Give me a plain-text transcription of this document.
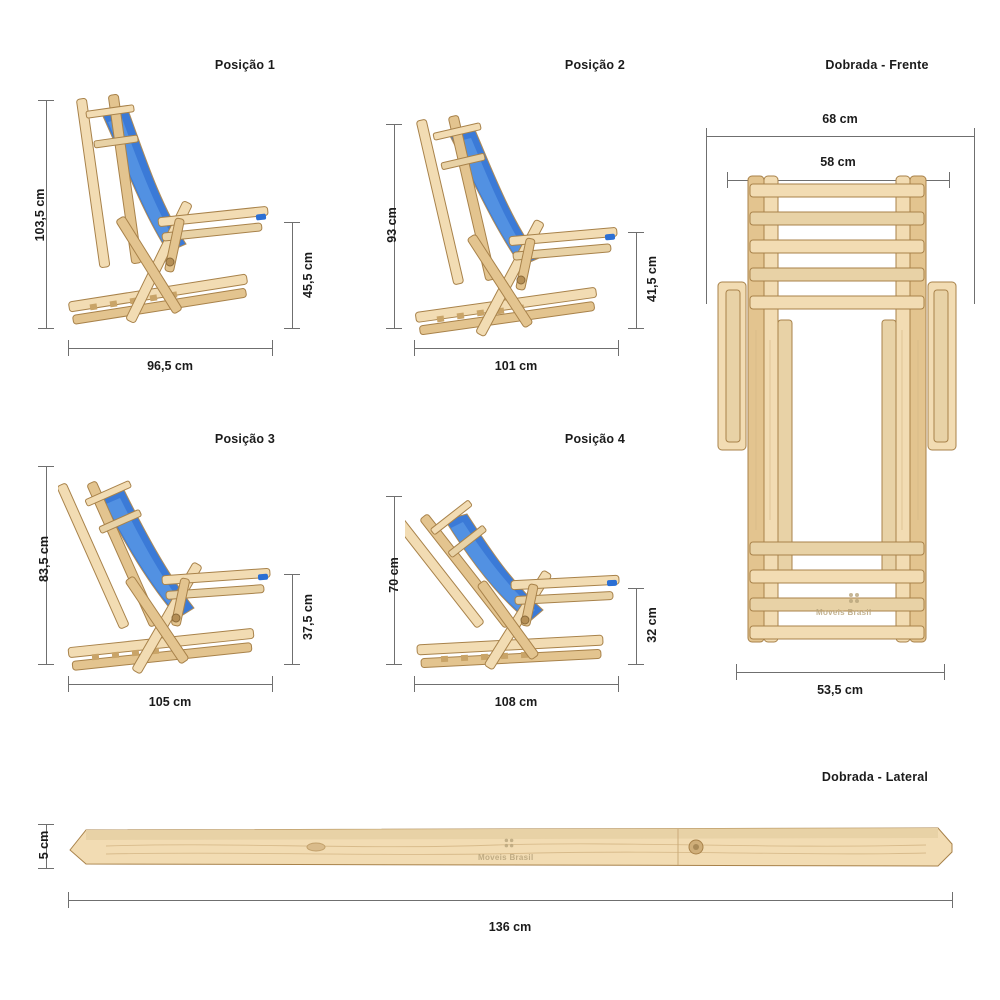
Posição 1
103,5 cm
45,5 cm
96,5 cm
Posição 2
93 cm
41,5 cm
101 cm
Dobrada - Frente
68 cm
58 cm
53,5 cm
Moveis Brasil
Posição 3
83,5 cm
37,5 cm
105 cm
Posição 4
70 cm
32 cm
108 cm
Dobrada - Lateral
5 cm
136 cm
Moveis Brasil
